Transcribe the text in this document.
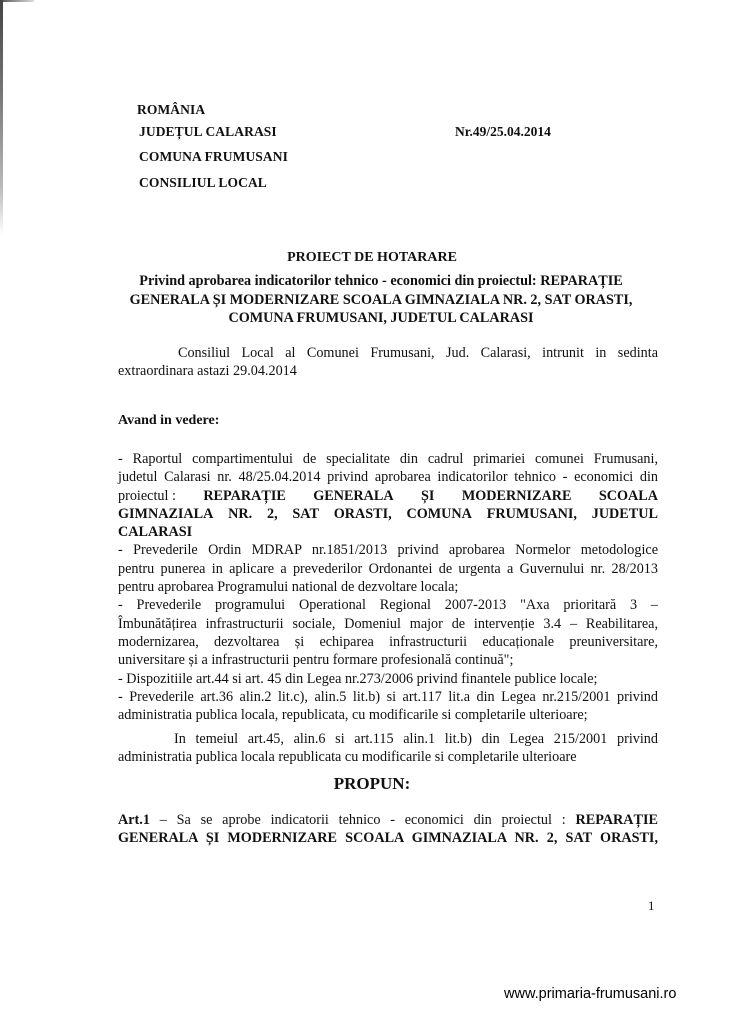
ROMÂNIA
JUDEȚUL CALARASI
COMUNA FRUMUSANI
CONSILIUL LOCAL
Nr.49/25.04.2014
PROIECT DE HOTARARE
Privind aprobarea indicatorilor tehnico - economici din proiectul: REPARAȚIE
GENERALA ȘI MODERNIZARE SCOALA GIMNAZIALA NR. 2, SAT ORASTI,
COMUNA FRUMUSANI, JUDETUL CALARASI
Consiliul Local al Comunei Frumusani, Jud. Calarasi, intrunit in sedinta
extraordinara astazi 29.04.2014
Avand in vedere:
- Raportul compartimentului de specialitate din cadrul primariei comunei Frumusani,
judetul Calarasi nr. 48/25.04.2014 privind aprobarea indicatorilor tehnico - economici din
proiectul : REPARAȚIE GENERALA ȘI MODERNIZARE SCOALA
GIMNAZIALA NR. 2, SAT ORASTI, COMUNA FRUMUSANI, JUDETUL
CALARASI
- Prevederile Ordin MDRAP nr.1851/2013 privind aprobarea Normelor metodologice
pentru punerea in aplicare a prevederilor Ordonantei de urgenta a Guvernului nr. 28/2013
pentru aprobarea Programului national de dezvoltare locala;
- Prevederile programului Operational Regional 2007-2013 "Axa prioritară 3 –
Îmbunătățirea infrastructurii sociale, Domeniul major de intervenție 3.4 – Reabilitarea,
modernizarea, dezvoltarea și echiparea infrastructurii educaționale preuniversitare,
universitare și a infrastructurii pentru formare profesională continuă";
- Dispozitiile art.44 si art. 45 din Legea nr.273/2006 privind finantele publice locale;
- Prevederile art.36 alin.2 lit.c), alin.5 lit.b) si art.117 lit.a din Legea nr.215/2001 privind
administratia publica locala, republicata, cu modificarile si completarile ulterioare;
In temeiul art.45, alin.6 si art.115 alin.1 lit.b) din Legea 215/2001 privind
administratia publica locala republicata cu modificarile si completarile ulterioare
PROPUN:
Art.1 – Sa se aprobe indicatorii tehnico - economici din proiectul : REPARAȚIE
GENERALA ȘI MODERNIZARE SCOALA GIMNAZIALA NR. 2, SAT ORASTI,
1
www.primaria-frumusani.ro
